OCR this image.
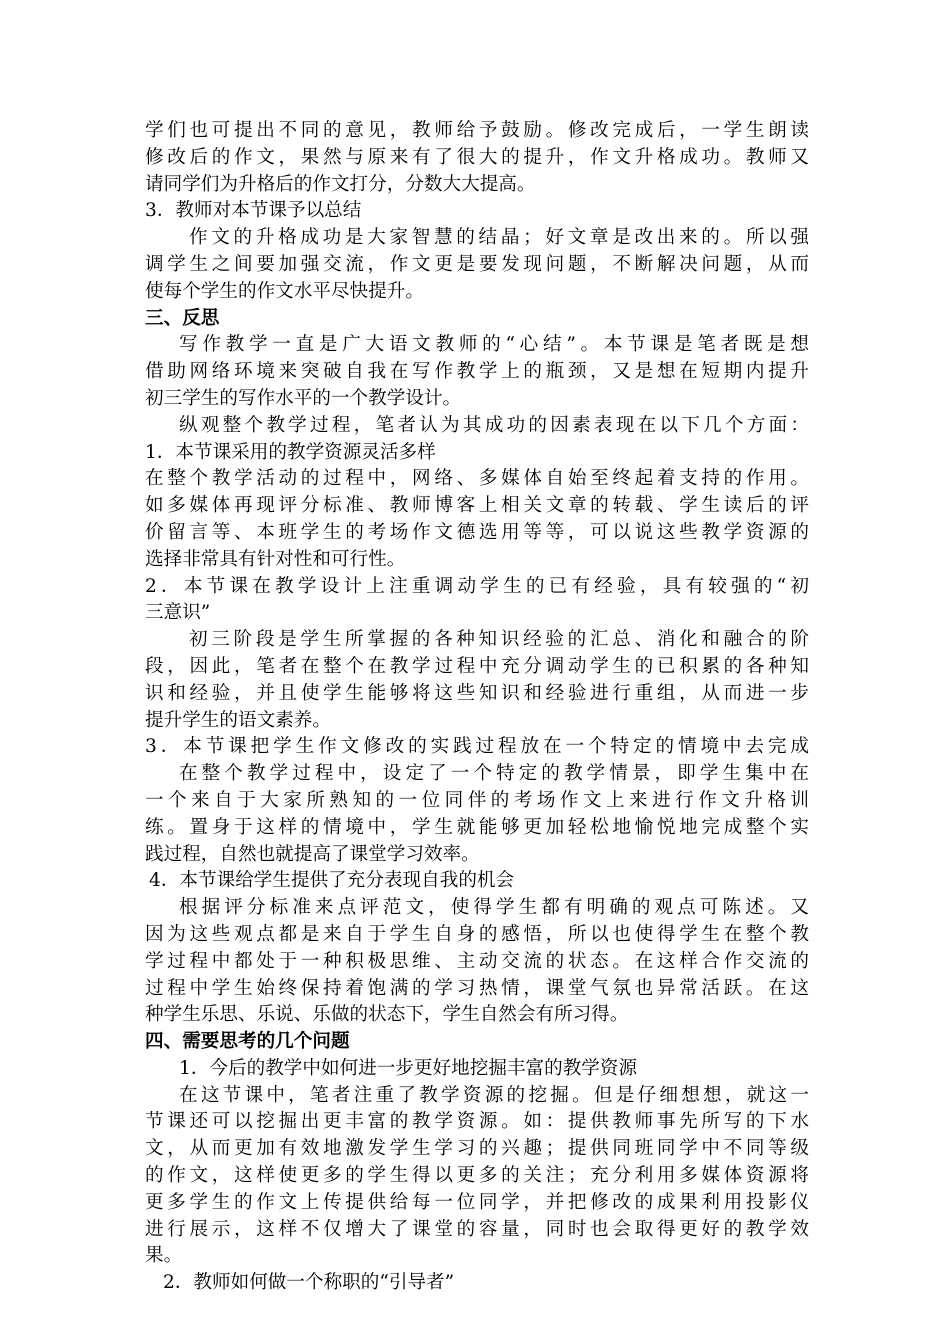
学们也可提出不同的意见，教师给予鼓励。修改完成后，一学生朗读
修改后的作文，果然与原来有了很大的提升，作文升格成功。教师又
请同学们为升格后的作文打分，分数大大提高。
3．教师对本节课予以总结
作文的升格成功是大家智慧的结晶；好文章是改出来的。所以强
调学生之间要加强交流，作文更是要发现问题，不断解决问题，从而
使每个学生的作文水平尽快提升。
三、反思
写作教学一直是广大语文教师的“心结”。本节课是笔者既是想
借助网络环境来突破自我在写作教学上的瓶颈，又是想在短期内提升
初三学生的写作水平的一个教学设计。
纵观整个教学过程，笔者认为其成功的因素表现在以下几个方面：
1．本节课采用的教学资源灵活多样
在整个教学活动的过程中，网络、多媒体自始至终起着支持的作用。
如多媒体再现评分标准、教师博客上相关文章的转载、学生读后的评
价留言等、本班学生的考场作文德选用等等，可以说这些教学资源的
选择非常具有针对性和可行性。
2．本节课在教学设计上注重调动学生的已有经验，具有较强的“初
三意识”
初三阶段是学生所掌握的各种知识经验的汇总、消化和融合的阶
段，因此，笔者在整个在教学过程中充分调动学生的已积累的各种知
识和经验，并且使学生能够将这些知识和经验进行重组，从而进一步
提升学生的语文素养。
3．本节课把学生作文修改的实践过程放在一个特定的情境中去完成
在整个教学过程中，设定了一个特定的教学情景，即学生集中在
一个来自于大家所熟知的一位同伴的考场作文上来进行作文升格训
练。置身于这样的情境中，学生就能够更加轻松地愉悦地完成整个实
践过程，自然也就提高了课堂学习效率。
4．本节课给学生提供了充分表现自我的机会
根据评分标准来点评范文，使得学生都有明确的观点可陈述。又
因为这些观点都是来自于学生自身的感悟，所以也使得学生在整个教
学过程中都处于一种积极思维、主动交流的状态。在这样合作交流的
过程中学生始终保持着饱满的学习热情，课堂气氛也异常活跃。在这
种学生乐思、乐说、乐做的状态下，学生自然会有所习得。
四、需要思考的几个问题
1．今后的教学中如何进一步更好地挖掘丰富的教学资源
在这节课中，笔者注重了教学资源的挖掘。但是仔细想想，就这一
节课还可以挖掘出更丰富的教学资源。如：提供教师事先所写的下水
文，从而更加有效地激发学生学习的兴趣；提供同班同学中不同等级
的作文，这样使更多的学生得以更多的关注；充分利用多媒体资源将
更多学生的作文上传提供给每一位同学，并把修改的成果利用投影仪
进行展示，这样不仅增大了课堂的容量，同时也会取得更好的教学效
果。
2．教师如何做一个称职的“引导者”
